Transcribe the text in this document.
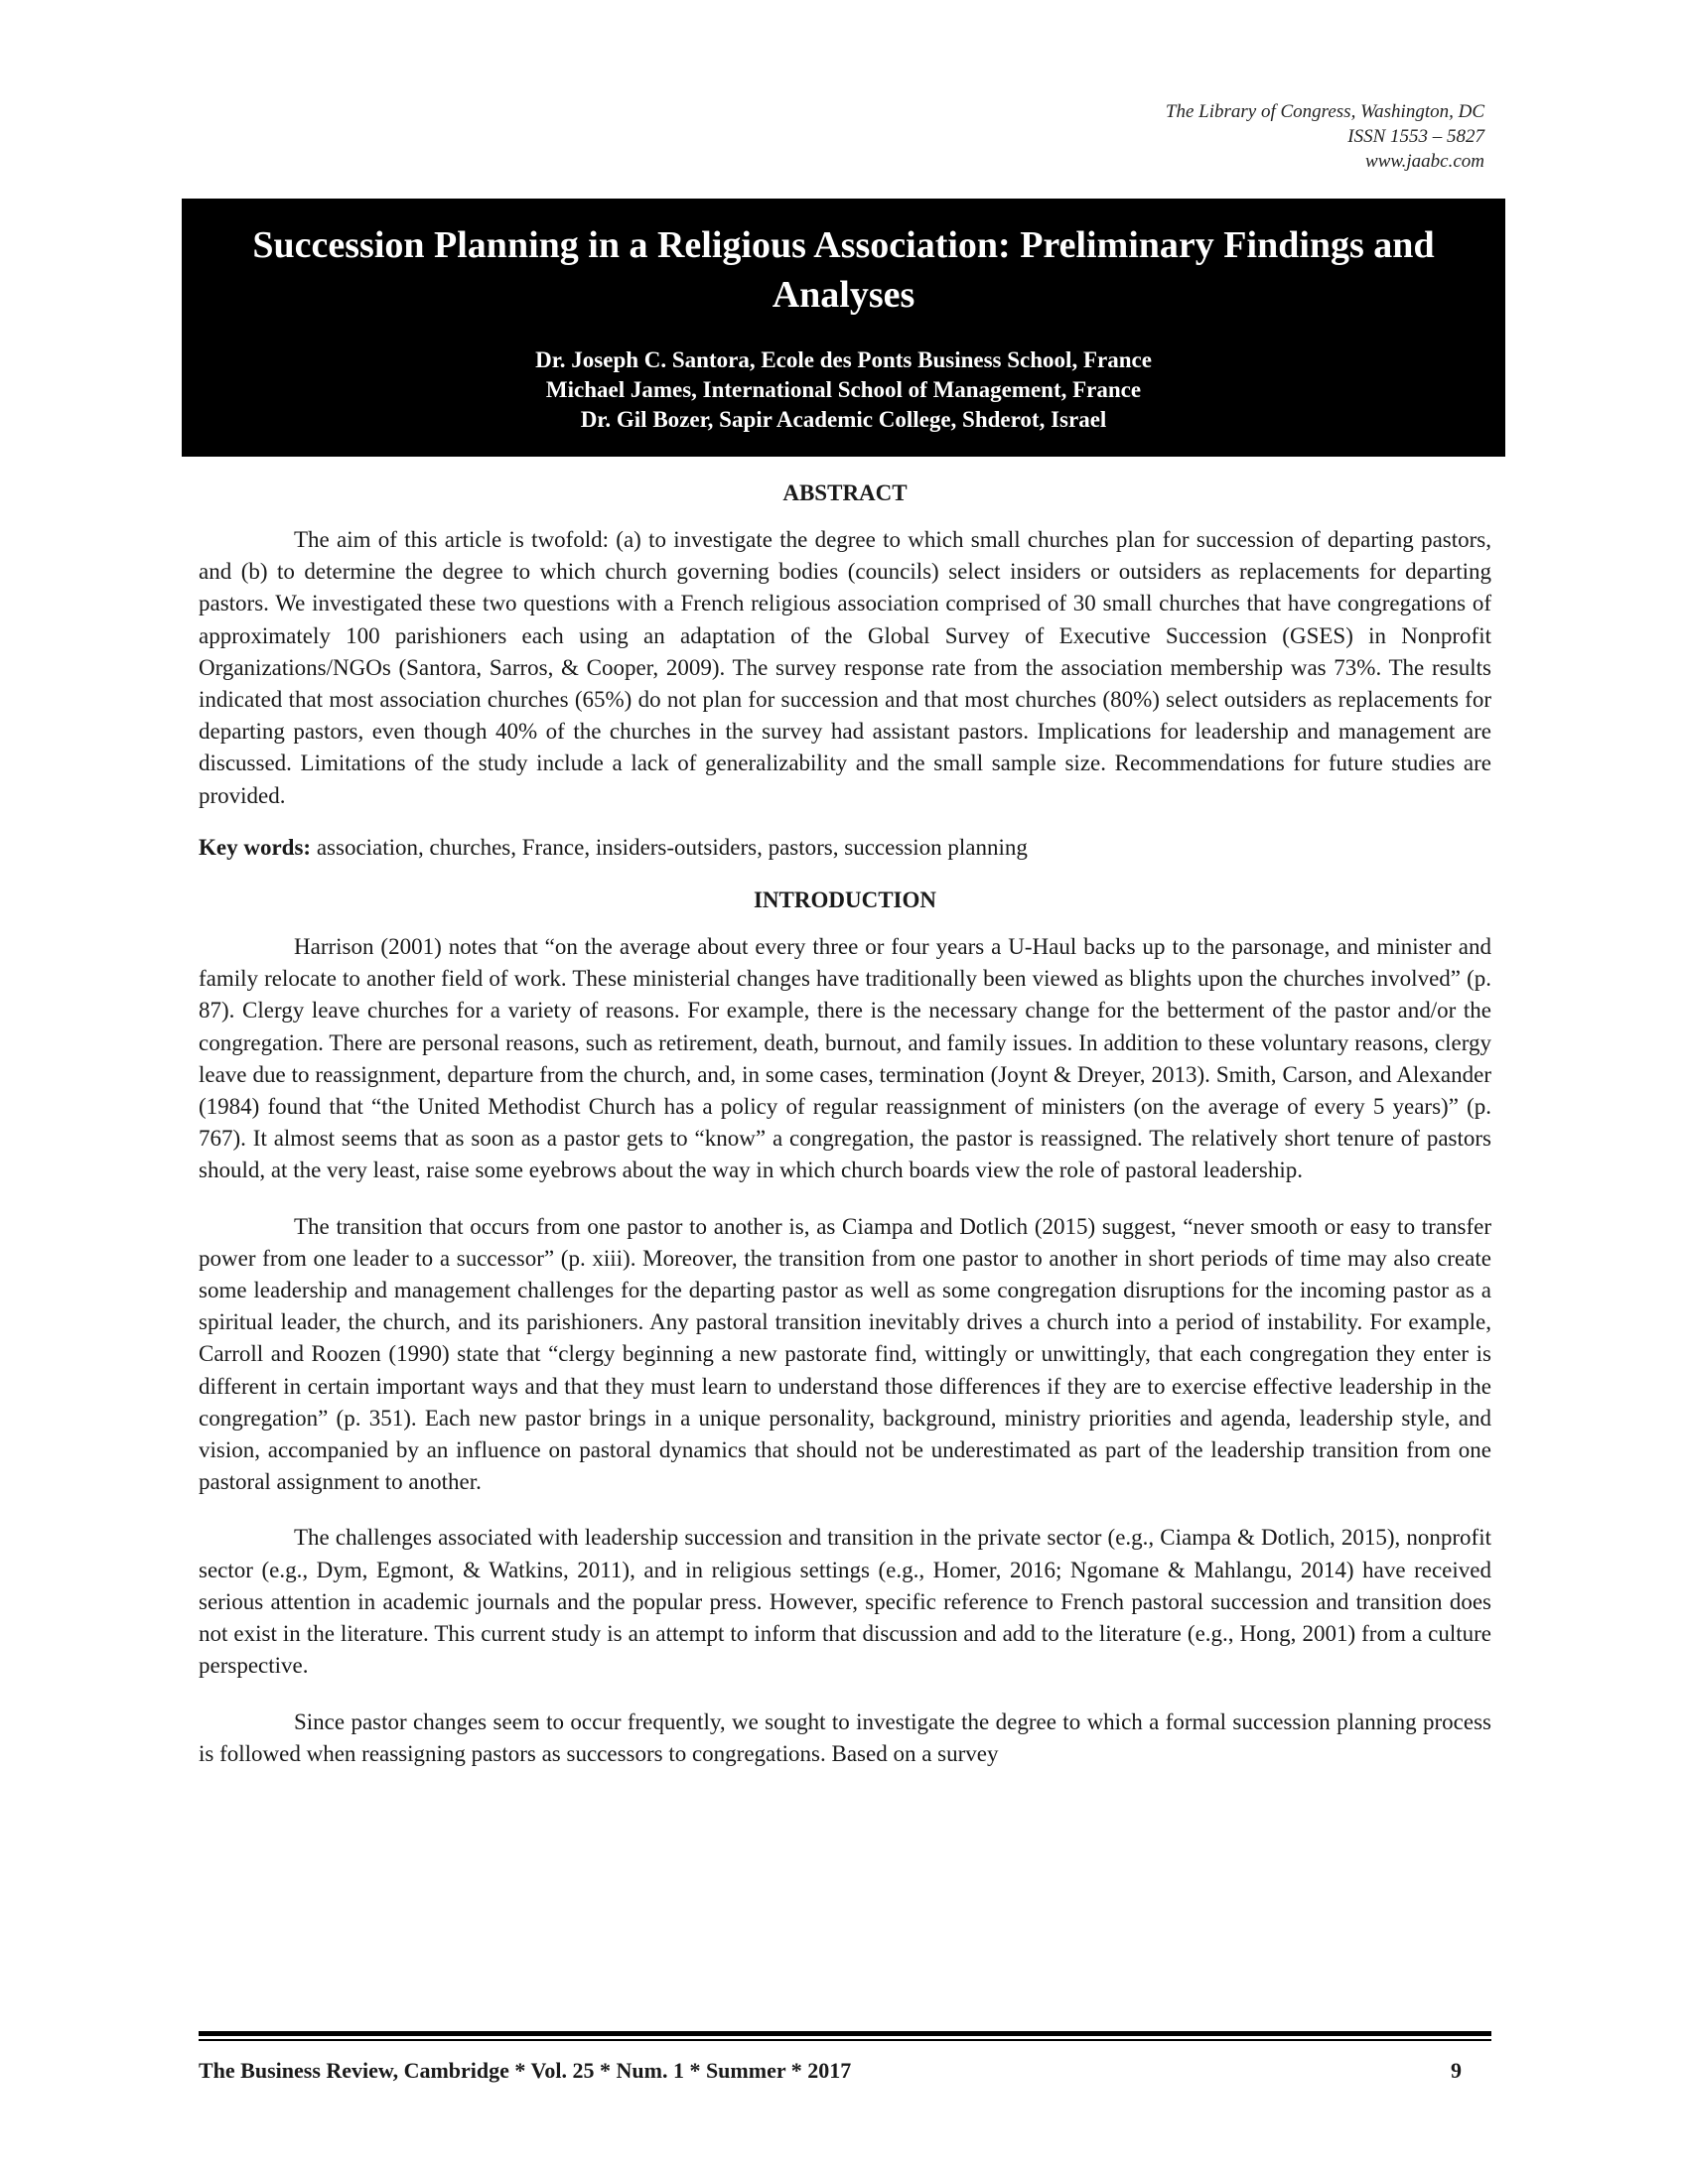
The Library of Congress, Washington, DC
ISSN 1553 – 5827
www.jaabc.com
Succession Planning in a Religious Association: Preliminary Findings and Analyses
Dr. Joseph C. Santora, Ecole des Ponts Business School, France
Michael James, International School of Management, France
Dr. Gil Bozer, Sapir Academic College, Shderot, Israel
ABSTRACT

The aim of this article is twofold: (a) to investigate the degree to which small churches plan for succession of departing pastors, and (b) to determine the degree to which church governing bodies (councils) select insiders or outsiders as replacements for departing pastors. We investigated these two questions with a French religious association comprised of 30 small churches that have congregations of approximately 100 parishioners each using an adaptation of the Global Survey of Executive Succession (GSES) in Nonprofit Organizations/NGOs (Santora, Sarros, & Cooper, 2009). The survey response rate from the association membership was 73%. The results indicated that most association churches (65%) do not plan for succession and that most churches (80%) select outsiders as replacements for departing pastors, even though 40% of the churches in the survey had assistant pastors. Implications for leadership and management are discussed. Limitations of the study include a lack of generalizability and the small sample size. Recommendations for future studies are provided.

Key words: association, churches, France, insiders-outsiders, pastors, succession planning

INTRODUCTION

Harrison (2001) notes that “on the average about every three or four years a U-Haul backs up to the parsonage, and minister and family relocate to another field of work. These ministerial changes have traditionally been viewed as blights upon the churches involved” (p. 87). Clergy leave churches for a variety of reasons. For example, there is the necessary change for the betterment of the pastor and/or the congregation. There are personal reasons, such as retirement, death, burnout, and family issues. In addition to these voluntary reasons, clergy leave due to reassignment, departure from the church, and, in some cases, termination (Joynt & Dreyer, 2013). Smith, Carson, and Alexander (1984) found that “the United Methodist Church has a policy of regular reassignment of ministers (on the average of every 5 years)” (p. 767). It almost seems that as soon as a pastor gets to “know” a congregation, the pastor is reassigned. The relatively short tenure of pastors should, at the very least, raise some eyebrows about the way in which church boards view the role of pastoral leadership.

The transition that occurs from one pastor to another is, as Ciampa and Dotlich (2015) suggest, “never smooth or easy to transfer power from one leader to a successor” (p. xiii). Moreover, the transition from one pastor to another in short periods of time may also create some leadership and management challenges for the departing pastor as well as some congregation disruptions for the incoming pastor as a spiritual leader, the church, and its parishioners. Any pastoral transition inevitably drives a church into a period of instability. For example, Carroll and Roozen (1990) state that “clergy beginning a new pastorate find, wittingly or unwittingly, that each congregation they enter is different in certain important ways and that they must learn to understand those differences if they are to exercise effective leadership in the congregation” (p. 351). Each new pastor brings in a unique personality, background, ministry priorities and agenda, leadership style, and vision, accompanied by an influence on pastoral dynamics that should not be underestimated as part of the leadership transition from one pastoral assignment to another.

The challenges associated with leadership succession and transition in the private sector (e.g., Ciampa & Dotlich, 2015), nonprofit sector (e.g., Dym, Egmont, & Watkins, 2011), and in religious settings (e.g., Homer, 2016; Ngomane & Mahlangu, 2014) have received serious attention in academic journals and the popular press. However, specific reference to French pastoral succession and transition does not exist in the literature. This current study is an attempt to inform that discussion and add to the literature (e.g., Hong, 2001) from a culture perspective.

Since pastor changes seem to occur frequently, we sought to investigate the degree to which a formal succession planning process is followed when reassigning pastors as successors to congregations. Based on a survey

The Business Review, Cambridge * Vol. 25 * Num. 1 * Summer * 2017	9
